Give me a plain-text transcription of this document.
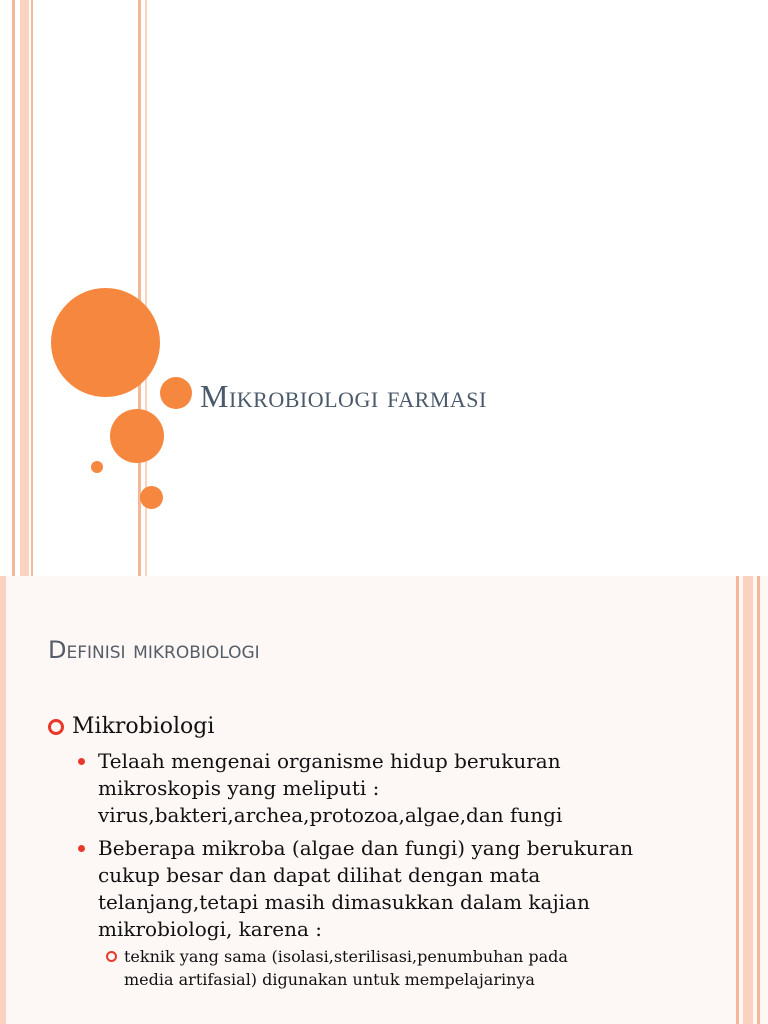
Mikrobiologi farmasi
Definisi mikrobiologi
Mikrobiologi
Telaah mengenai organisme hidup berukuran
mikroskopis yang meliputi :
virus,bakteri,archea,protozoa,algae,dan fungi
Beberapa mikroba (algae dan fungi) yang berukuran
cukup besar dan dapat dilihat dengan mata
telanjang,tetapi masih dimasukkan dalam kajian
mikrobiologi, karena :
teknik yang sama (isolasi,sterilisasi,penumbuhan pada
media artifasial) digunakan untuk mempelajarinya
